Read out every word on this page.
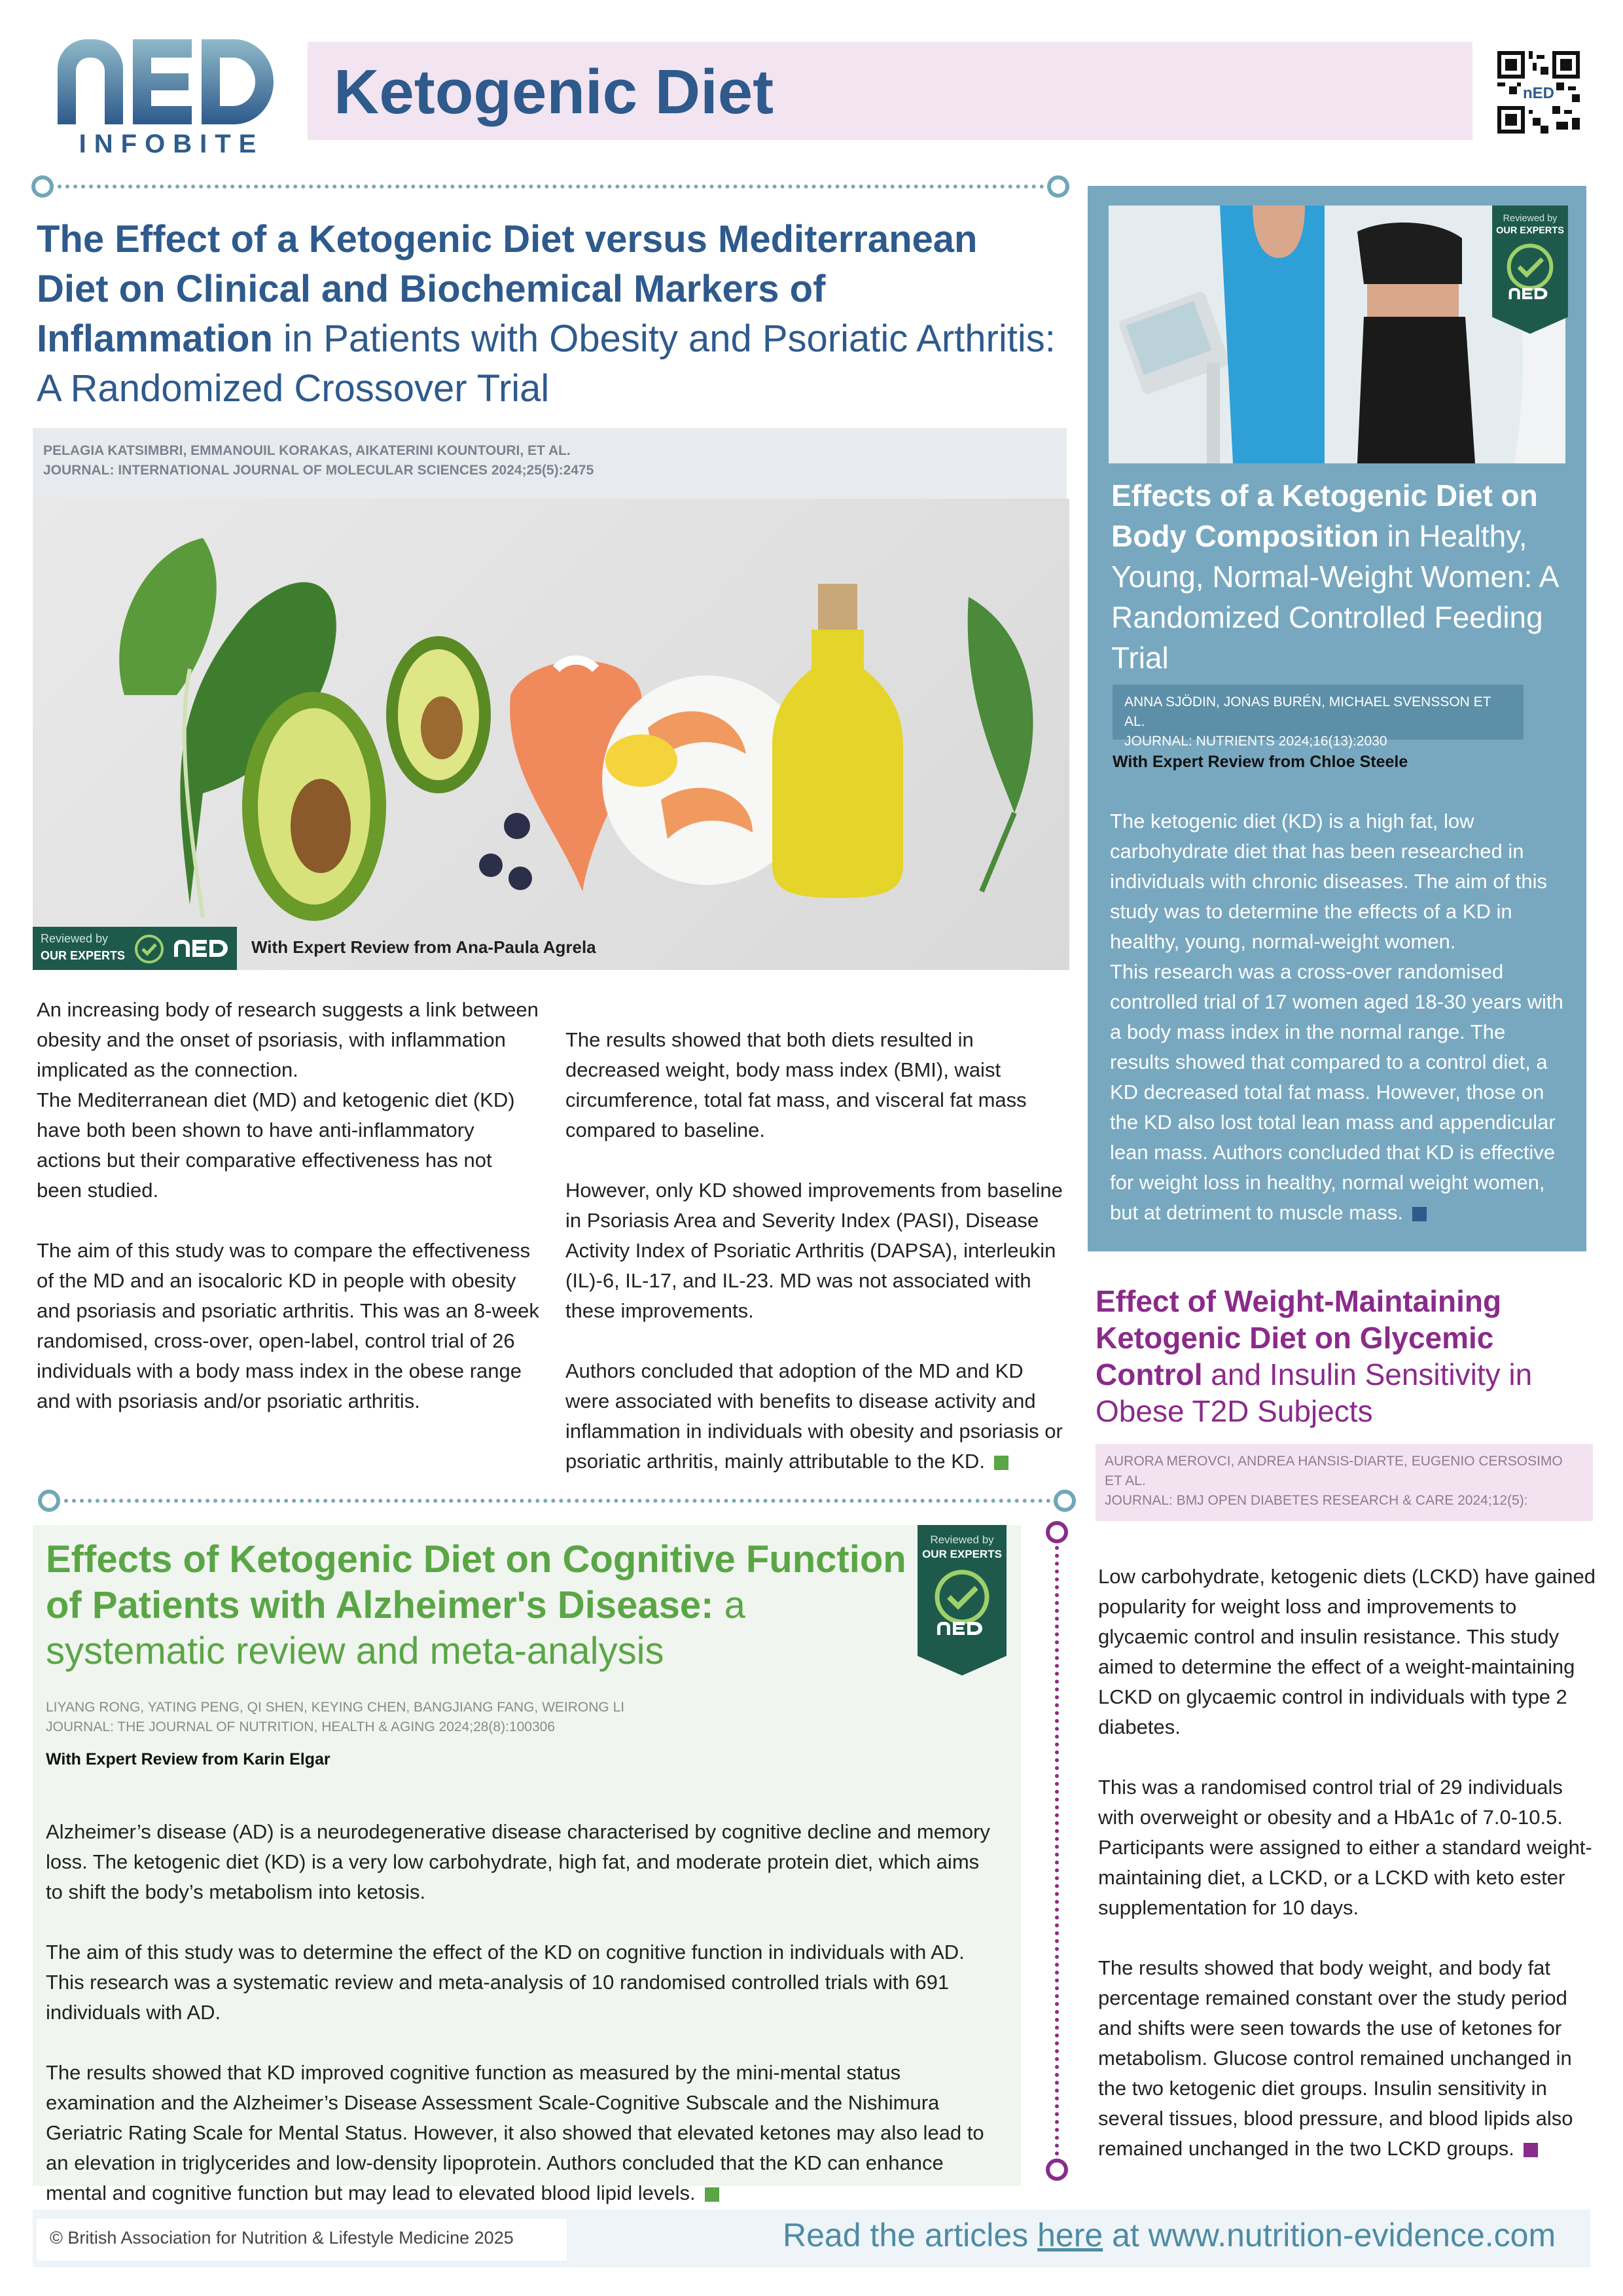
INFOBITE
Ketogenic Diet	nED
The Effect of a Ketogenic Diet versus Mediterranean Diet on Clinical and Biochemical Markers of Inflammation in Patients with Obesity and Psoriatic Arthritis: A Randomized Crossover Trial
PELAGIA KATSIMBRI, EMMANOUIL KORAKAS, AIKATERINI KOUNTOURI, ET AL.
JOURNAL: INTERNATIONAL JOURNAL OF MOLECULAR SCIENCES 2024;25(5):2475
Reviewed by
OUR EXPERTS	With Expert Review from Ana-Paula Agrela
An increasing body of research suggests a link between obesity and the onset of psoriasis, with inflammation implicated as the connection.
The Mediterranean diet (MD) and ketogenic diet (KD) have both been shown to have anti-inflammatory actions but their comparative effectiveness has not been studied.

The aim of this study was to compare the effectiveness of the MD and an isocaloric KD in people with obesity and psoriasis and psoriatic arthritis. This was an 8-week randomised, cross-over, open-label, control trial of 26 individuals with a body mass index in the obese range and with psoriasis and/or psoriatic arthritis.

The results showed that both diets resulted in decreased weight, body mass index (BMI), waist circumference, total fat mass, and visceral fat mass compared to baseline.

However, only KD showed improvements from baseline in Psoriasis Area and Severity Index (PASI), Disease Activity Index of Psoriatic Arthritis (DAPSA), interleukin (IL)-6, IL-17, and IL-23. MD was not associated with these improvements.

Authors concluded that adoption of the MD and KD were associated with benefits to disease activity and inflammation in individuals with obesity and psoriasis or psoriatic arthritis, mainly attributable to the KD.

Effects of a Ketogenic Diet on Body Composition in Healthy, Young, Normal-Weight Women: A Randomized Controlled Feeding Trial
ANNA SJÖDIN, JONAS BURÉN, MICHAEL SVENSSON ET AL.
JOURNAL: NUTRIENTS 2024;16(13):2030
With Expert Review from Chloe Steele

The ketogenic diet (KD) is a high fat, low carbohydrate diet that has been researched in individuals with chronic diseases. The aim of this study was to determine the effects of a KD in healthy, young, normal-weight women.
This research was a cross-over randomised controlled trial of 17 women aged 18-30 years with a body mass index in the normal range. The results showed that compared to a control diet, a KD decreased total fat mass. However, those on the KD also lost total lean mass and appendicular lean mass. Authors concluded that KD is effective for weight loss in healthy, normal weight women, but at detriment to muscle mass.

Reviewed by
OUR EXPERTS
Effect of Weight-Maintaining Ketogenic Diet on Glycemic Control and Insulin Sensitivity in Obese T2D Subjects
AURORA MEROVCI, ANDREA HANSIS-DIARTE, EUGENIO CERSOSIMO ET AL.
JOURNAL: BMJ OPEN DIABETES RESEARCH & CARE 2024;12(5):

Low carbohydrate, ketogenic diets (LCKD) have gained popularity for weight loss and improvements to glycaemic control and insulin resistance. This study aimed to determine the effect of a weight-maintaining LCKD on glycaemic control in individuals with type 2 diabetes.

This was a randomised control trial of 29 individuals with overweight or obesity and a HbA1c of 7.0-10.5. Participants were assigned to either a standard weight-maintaining diet, a LCKD, or a LCKD with keto ester supplementation for 10 days.

The results showed that body weight, and body fat percentage remained constant over the study period and shifts were seen towards the use of ketones for metabolism. Glucose control remained unchanged in the two ketogenic diet groups. Insulin sensitivity in several tissues, blood pressure, and blood lipids also remained unchanged in the two LCKD groups.

Effects of Ketogenic Diet on Cognitive Function of Patients with Alzheimer's Disease: a systematic review and meta-analysis
LIYANG RONG, YATING PENG, QI SHEN, KEYING CHEN, BANGJIANG FANG, WEIRONG LI
JOURNAL: THE JOURNAL OF NUTRITION, HEALTH & AGING 2024;28(8):100306
With Expert Review from Karin Elgar

Alzheimer’s disease (AD) is a neurodegenerative disease characterised by cognitive decline and memory loss. The ketogenic diet (KD) is a very low carbohydrate, high fat, and moderate protein diet, which aims to shift the body’s metabolism into ketosis.

The aim of this study was to determine the effect of the KD on cognitive function in individuals with AD. This research was a systematic review and meta-analysis of 10 randomised controlled trials with 691 individuals with AD.

The results showed that KD improved cognitive function as measured by the mini-mental status examination and the Alzheimer’s Disease Assessment Scale-Cognitive Subscale and the Nishimura Geriatric Rating Scale for Mental Status. However, it also showed that elevated ketones may also lead to an elevation in triglycerides and low-density lipoprotein. Authors concluded that the KD can enhance mental and cognitive function but may lead to elevated blood lipid levels.

Reviewed by
OUR EXPERTS
© British Association for Nutrition & Lifestyle Medicine 2025	Read the articles here at www.nutrition-evidence.com
